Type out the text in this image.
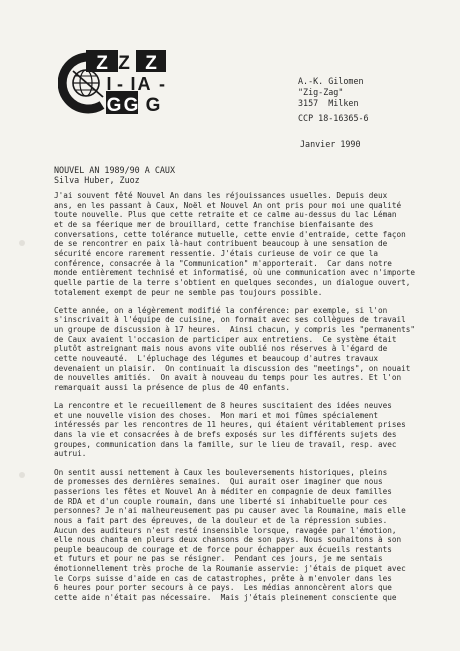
Z Z Z
I - I A -
G G G
A.-K. Gilomen
"Zig-Zag"
3157  Milken
CCP 18-16365-6
Janvier 1990
NOUVEL AN 1989/90 A CAUX
Silva Huber, Zuoz
J'ai souvent fêté Nouvel An dans les réjouissances usuelles. Depuis deux
ans, en les passant à Caux, Noël et Nouvel An ont pris pour moi une qualité
toute nouvelle. Plus que cette retraite et ce calme au-dessus du lac Léman
et de sa féerique mer de brouillard, cette franchise bienfaisante des
conversations, cette tolérance mutuelle, cette envie d'entraide, cette façon
de se rencontrer en paix là-haut contribuent beaucoup à une sensation de
sécurité encore rarement ressentie. J'étais curieuse de voir ce que la
conférence, consacrée à la "Communication" m'apporterait.  Car dans notre
monde entièrement technisé et informatisé, où une communication avec n'importe
quelle partie de la terre s'obtient en quelques secondes, un dialogue ouvert,
totalement exempt de peur ne semble pas toujours possible.
Cette année, on a légèrement modifié la conférence: par exemple, si l'on
s'inscrivait à l'équipe de cuisine, on formait avec ses collègues de travail
un groupe de discussion à 17 heures.  Ainsi chacun, y compris les "permanents"
de Caux avaient l'occasion de participer aux entretiens.  Ce système était
plutôt astreignant mais nous avons vite oublié nos réserves à l'égard de
cette nouveauté.  L'épluchage des légumes et beaucoup d'autres travaux
devenaient un plaisir.  On continuait la discussion des "meetings", on nouait
de nouvelles amitiés.  On avait à nouveau du temps pour les autres. Et l'on
remarquait aussi la présence de plus de 40 enfants.
La rencontre et le recueillement de 8 heures suscitaient des idées neuves
et une nouvelle vision des choses.  Mon mari et moi fûmes spécialement
intéressés par les rencontres de 11 heures, qui étaient véritablement prises
dans la vie et consacrées à de brefs exposés sur les différents sujets des
groupes, communication dans la famille, sur le lieu de travail, resp. avec
autrui.
On sentit aussi nettement à Caux les bouleversements historiques, pleins
de promesses des dernières semaines.  Qui aurait oser imaginer que nous
passerions les fêtes et Nouvel An à méditer en compagnie de deux familles
de RDA et d'un couple roumain, dans une liberté si inhabituelle pour ces
personnes? Je n'ai malheureusement pas pu causer avec la Roumaine, mais elle
nous a fait part des épreuves, de la douleur et de la répression subies.
Aucun des auditeurs n'est resté insensible lorsque, ravagée par l'émotion,
elle nous chanta en pleurs deux chansons de son pays. Nous souhaitons à son
peuple beaucoup de courage et de force pour échapper aux écueils restants
et futurs et pour ne pas se résigner.  Pendant ces jours, je me sentais
émotionnellement très proche de la Roumanie asservie: j'étais de piquet avec
le Corps suisse d'aide en cas de catastrophes, prête à m'envoler dans les
6 heures pour porter secours à ce pays.  Les médias annoncèrent alors que
cette aide n'était pas nécessaire.  Mais j'étais pleinement consciente que
